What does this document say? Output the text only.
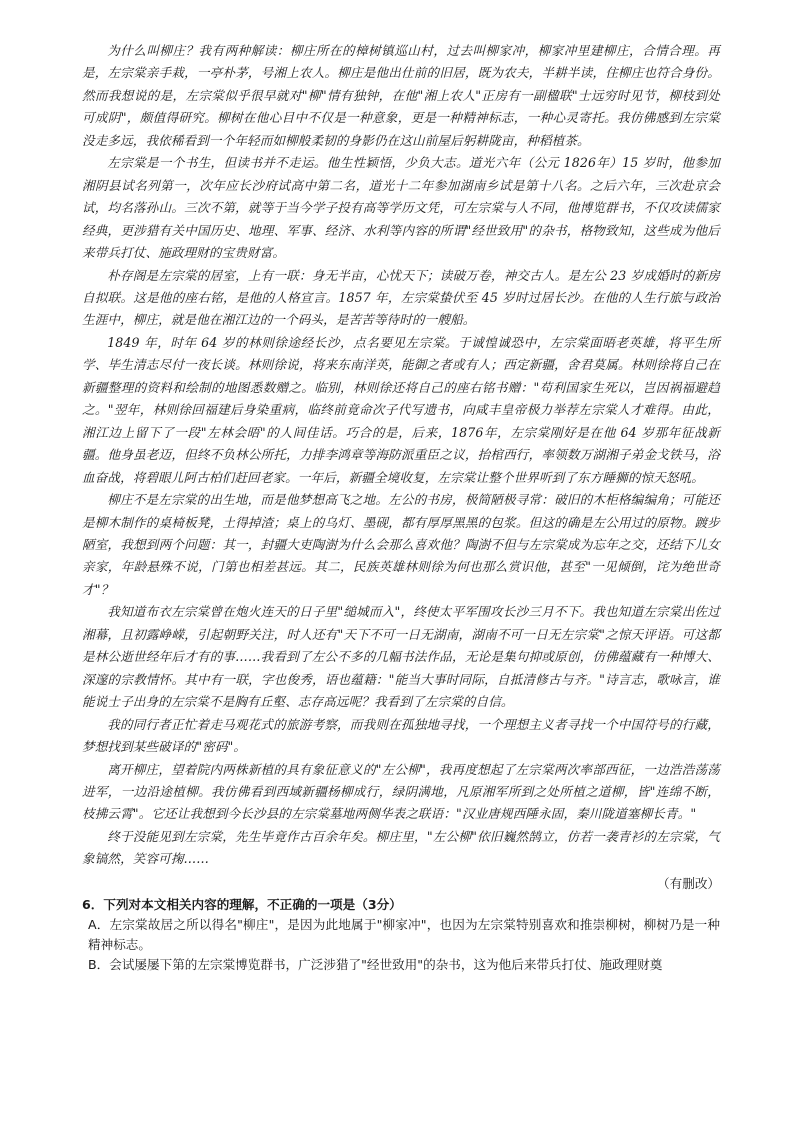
为什么叫柳庄？我有两种解读：柳庄所在的樟树镇巡山村，过去叫柳家冲，柳家冲里建柳庄，合情合理。再是，左宗棠亲手栽，一亭朴茅，号湘上农人。柳庄是他出仕前的旧居，既为农夫，半耕半读，住柳庄也符合身份。然而我想说的是，左宗棠似乎很早就对"柳"情有独钟，在他"湘上农人"正房有一副楹联"士远穷时见节，柳枝到处可成阴"，颇值得研究。柳树在他心目中不仅是一种意象，更是一种精神标志，一种心灵寄托。我仿佛感到左宗棠没走多远，我依稀看到一个年轻而如柳般柔韧的身影仍在这山前屋后躬耕陇亩，种稻植茶。

左宗棠是一个书生，但读书并不走运。他生性颖悟，少负大志。道光六年（公元 1826年）15 岁时，他参加湘阴县试名列第一，次年应长沙府试高中第二名，道光十二年参加湖南乡试是第十八名。之后六年，三次赴京会试，均名落孙山。三次不第，就等于当今学子投有高等学历文凭，可左宗棠与人不同，他博览群书，不仅攻读儒家经典，更涉猎有关中国历史、地理、军事、经济、水利等内容的所谓"经世致用"的杂书，格物致知，这些成为他后来带兵打仗、施政理财的宝贵财富。

朴存阁是左宗棠的居室，上有一联：身无半亩，心忧天下；读破万卷，神交古人。是左公 23 岁成婚时的新房自拟联。这是他的座右铭，是他的人格宣言。1857 年，左宗棠蛰伏至 45 岁时过居长沙。在他的人生行旅与政治生涯中，柳庄，就是他在湘江边的一个码头，是苦苦等待时的一艘船。

1849 年，时年 64 岁的林则徐途经长沙，点名要见左宗棠。于诚惶诚恐中，左宗棠面晤老英雄，将平生所学、毕生清志尽付一夜长谈。林则徐说，将来东南洋英，能御之者或有人；西定新疆，舍君莫属。林则徐将自己在新疆整理的资料和绘制的地图悉数赠之。临别，林则徐还将自己的座右铭书赠："苟利国家生死以，岂因祸福避趋之。"翌年，林则徐回福建后身染重病，临终前竟命次子代写遗书，向咸丰皇帝极力举荐左宗棠人才难得。由此，湘江边上留下了一段"左林会晤"的人间佳话。巧合的是，后来，1876年，左宗棠刚好是在他 64 岁那年征战新疆。他身虽老迈，但终不负林公所托，力排李鸿章等海防派重臣之议，抬棺西行，率领数万湖湘子弟金戈铁马，浴血奋战，将碧眼儿阿古柏们赶回老家。一年后，新疆全境收复，左宗棠让整个世界听到了东方睡狮的惊天怒吼。

柳庄不是左宗棠的出生地，而是他梦想高飞之地。左公的书房，极简陋极寻常：破旧的木柜格编编角；可能还是柳木制作的桌椅板凳，土得掉渣；桌上的乌灯、墨砚，都有厚厚黑黑的包浆。但这的确是左公用过的原物。踱步陋室，我想到两个问题：其一，封疆大吏陶澍为什么会那么喜欢他？陶澍不但与左宗棠成为忘年之交，还结下儿女亲家，年龄悬殊不说，门第也相差甚远。其二，民族英雄林则徐为何也那么赏识他，甚至"一见倾倒，诧为绝世奇才"？

我知道布衣左宗棠曾在炮火连天的日子里"缒城而入"，终使太平军围攻长沙三月不下。我也知道左宗棠出佐过湘幕，且初露峥嵘，引起朝野关注，时人还有"天下不可一日无湖南，湖南不可一日无左宗棠"之惊天评语。可这都是林公逝世经年后才有的事……我看到了左公不多的几幅书法作品，无论是集句抑或原创，仿佛蕴藏有一种博大、深邃的宗教情怀。其中有一联，字也俊秀，语也蕴籍："能当大事时同际，自抵清修古与齐。"诗言志，歌咏言，谁能说士子出身的左宗棠不是胸有丘壑、志存高远呢？我看到了左宗棠的自信。

我的同行者正忙着走马观花式的旅游考察，而我则在孤独地寻找，一个理想主义者寻找一个中国符号的行藏，梦想找到某些破译的"密码"。

离开柳庄，望着院内两株新植的具有象征意义的"左公柳"，我再度想起了左宗棠两次率部西征，一边浩浩荡荡进军，一边沿途植柳。我仿佛看到西域新疆杨柳成行，绿阴满地，凡原湘军所到之处所植之道柳，皆"连绵不断，枝拂云霄"。它还让我想到今长沙县的左宗棠墓地两侧华表之联语："汉业唐规西陲永固，秦川陇道塞柳长青。"

终于没能见到左宗棠，先生毕竟作古百余年矣。柳庄里，"左公柳"依旧巍然鹄立，仿若一袭青衫的左宗棠，气象镐然，笑容可掬……

（有删改）

6．下列对本文相关内容的理解，不正确的一项是（3分）

A．左宗棠故居之所以得名"柳庄"，是因为此地属于"柳家冲"，也因为左宗棠特别喜欢和推崇柳树，柳树乃是一种精神标志。

B．会试屡屡下第的左宗棠博览群书，广泛涉猎了"经世致用"的杂书，这为他后来带兵打仗、施政理财奠
